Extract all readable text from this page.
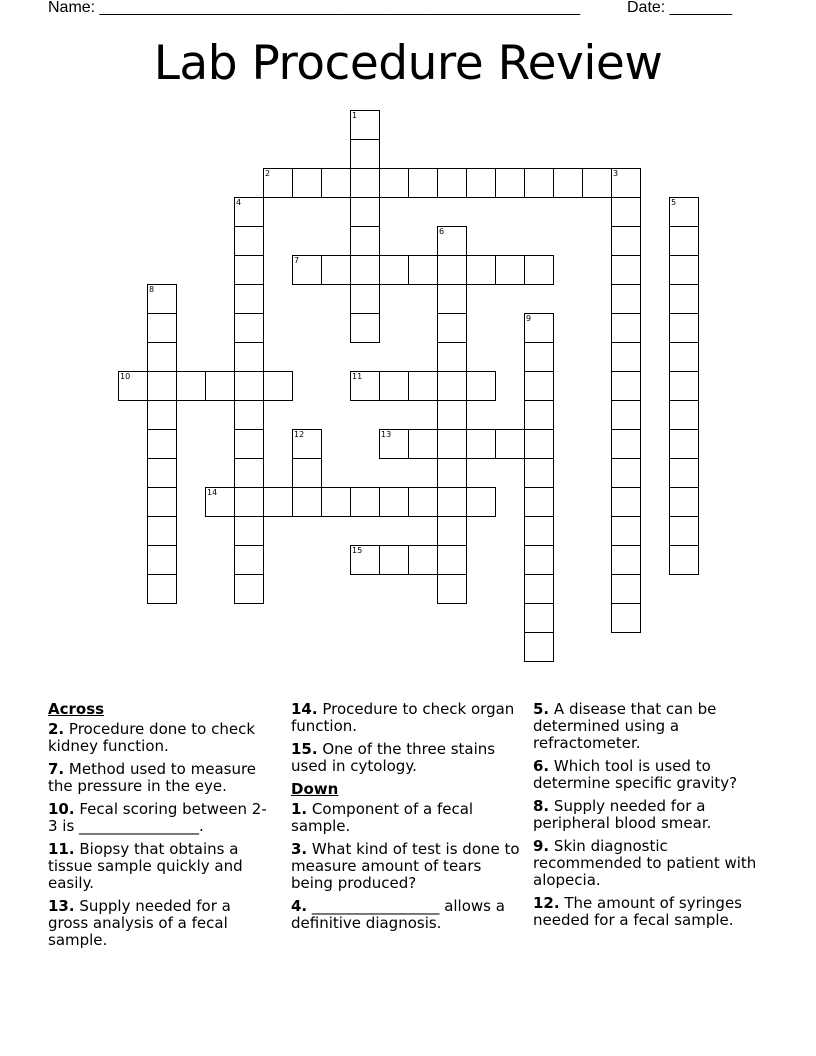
Name: ______________________________________________________	Date: _______
Lab Procedure Review
1
2	3
4	5
6
7
8
9
10	11
12	13
14
15
Across
2. Procedure done to check kidney function.
7. Method used to measure the pressure in the eye.
10. Fecal scoring between 2-3 is ________________.
11. Biopsy that obtains a tissue sample quickly and easily.
13. Supply needed for a gross analysis of a fecal sample.
14. Procedure to check organ function.
15. One of the three stains used in cytology.
Down
1. Component of a fecal sample.
3. What kind of test is done to measure amount of tears being produced?
4. _________________ allows a definitive diagnosis.
5. A disease that can be determined using a refractometer.
6. Which tool is used to determine specific gravity?
8. Supply needed for a peripheral blood smear.
9. Skin diagnostic recommended to patient with alopecia.
12. The amount of syringes needed for a fecal sample.
